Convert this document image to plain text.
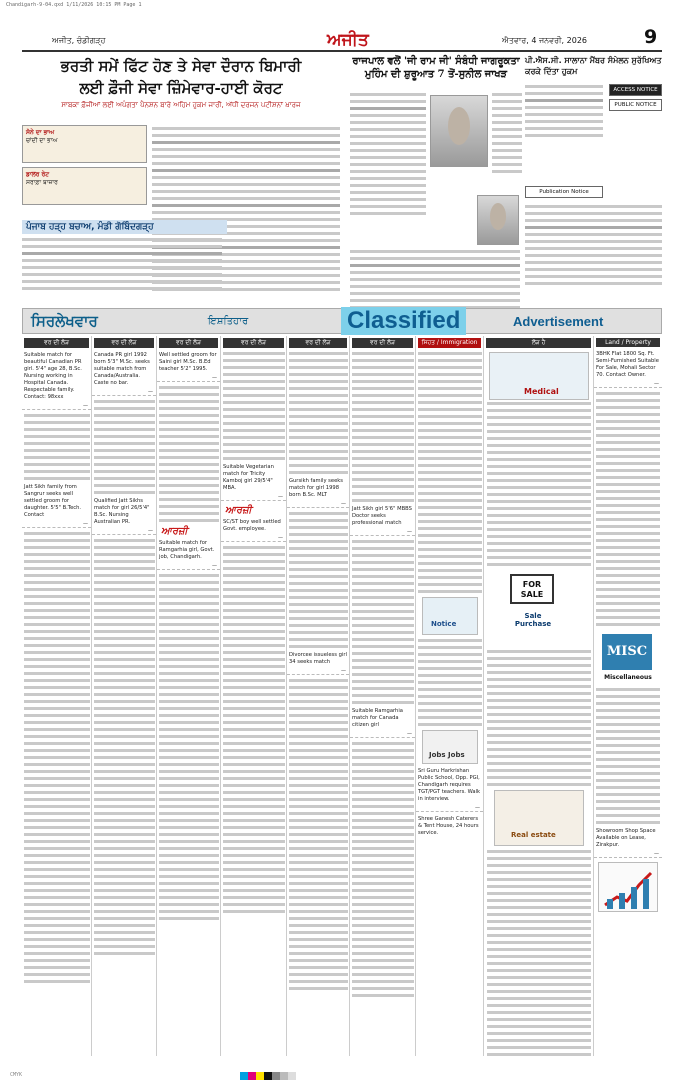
Chandigarh-9-04.qxd 1/11/2026 10:15 PM Page 1
ਅਜੀਤ, ਚੰਡੀਗੜ੍ਹ	ਅਜੀਤ	ਐਤਵਾਰ, 4 ਜਨਵਰੀ, 2026	9
ਭਰਤੀ ਸਮੇਂ ਫਿੱਟ ਹੋਣ ਤੇ ਸੇਵਾ ਦੌਰਾਨ ਬਿਮਾਰੀ
ਲਈ ਫ਼ੌਜੀ ਸੇਵਾ ਜ਼ਿੰਮੇਵਾਰ-ਹਾਈ ਕੋਰਟ
ਸਾਬਕਾ ਫ਼ੌਜੀਆਂ ਲਈ ਅਪੰਗਤਾ ਪੈਨਸ਼ਨ ਬਾਰੇ ਅਹਿਮ ਹੁਕਮ ਜਾਰੀ, ਅੱਧੀ ਦਰਜਨ ਪਟੀਸ਼ਨਾਂ ਖ਼ਾਰਜ
ਸੋਨੇ ਦਾ ਭਾਅ
ਚਾਂਦੀ ਦਾ ਭਾਅ
ਡਾਲਰ ਰੇਟ
ਸਰਾਫ਼ਾ ਬਾਜ਼ਾਰ
ਪੰਜਾਬ ਹੜ੍ਹ ਬਚਾਅ, ਮੰਡੀ ਗੋਬਿੰਦਗੜ੍ਹ
ਰਾਜਪਾਲ ਵਲੋਂ 'ਜੀ ਰਾਮ ਜੀ' ਸੰਬੰਧੀ ਜਾਗਰੂਕਤਾ ਮੁਹਿੰਮ ਦੀ ਸ਼ੁਰੂਆਤ 7 ਤੋਂ-ਸੁਨੀਲ ਜਾਖੜ
ਪੀ.ਐਸ.ਸੀ. ਸਾਲਾਨਾ ਮੈਂਬਰ ਸੰਮੇਲਨ ਸੁਰੱਖਿਅਤ ਕਰਕੇ ਦਿੱਤਾ ਹੁਕਮ
ACCESS NOTICE
PUBLIC NOTICE
Publication Notice
ਸਿਰਲੇਖਵਾਰ	ਇਸ਼ਤਿਹਾਰ	Classified	Advertisement
ਵਰ ਦੀ ਲੋੜ
Suitable match for beautiful Canadian PR girl. 5'4" age 28, B.Sc. Nursing working in Hospital Canada. Respectable family. Contact: 98xxx
—
Jatt Sikh family from Sangrur seeks well settled groom for daughter. 5'5" B.Tech. Contact
—
ਵਰ ਦੀ ਲੋੜ
Canada PR girl 1992 born 5'3" M.Sc. seeks suitable match from Canada/Australia. Caste no bar.
—
Qualified Jatt Sikhs match for girl 26/5'4" B.Sc. Nursing Australian PR.
—
ਵਰ ਦੀ ਲੋੜ
Well settled groom for Saini girl M.Sc. B.Ed teacher 5'2" 1995.
—
ਆਰਜ਼ੀ
Suitable match for Ramgarhia girl, Govt. job, Chandigarh.
—
ਵਰ ਦੀ ਲੋੜ
Suitable Vegetarian match for Tricity Kamboj girl 29/5'4" MBA.
—
ਆਰਜ਼ੀ
SC/ST boy well settled Govt. employee.
—
ਵਰ ਦੀ ਲੋੜ
Gursikh family seeks match for girl 1998 born B.Sc. MLT
—
Divorcee issueless girl 34 seeks match
—
ਵਰ ਦੀ ਲੋੜ
Jatt Sikh girl 5'6" MBBS Doctor seeks professional match
—
Suitable Ramgarhia match for Canada citizen girl
—
ਸਿਹਤ / Immigration
Notice
Jobs Jobs
Sri Guru Harkrishan Public School, Opp. PGI, Chandigarh requires TGT/PGT teachers. Walk in interview.
—
Shree Ganesh Caterers & Tent House, 24 hours service.
ਲੋੜ ਹੈ
Medical
FOR SALE
Sale Purchase
Real estate
Land / Property
3BHK Flat 1800 Sq. Ft. Semi-Furnished Suitable For Sale, Mohali Sector 70. Contact Owner.
—
MISC
Miscellaneous
Showroom Shop Space Available on Lease, Zirakpur.
—
CMYK
